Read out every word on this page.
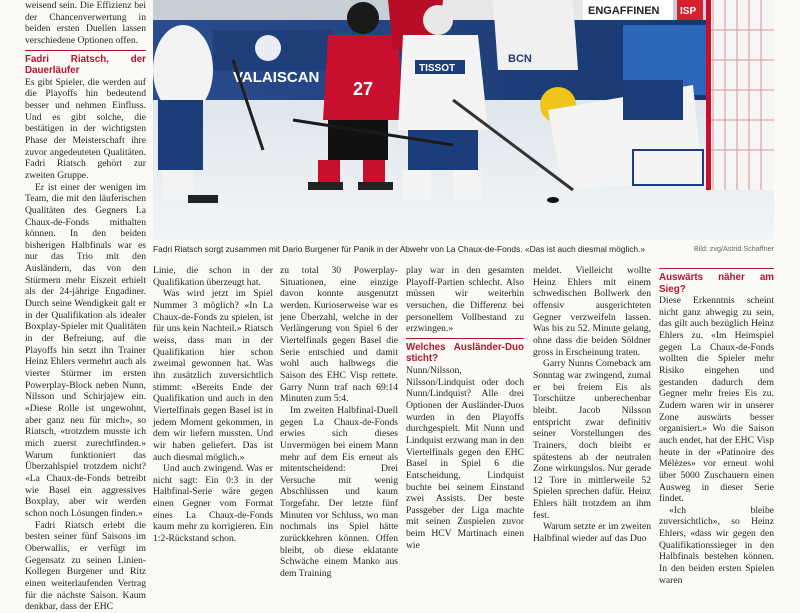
weisend sein. Die Effizienz bei der Chancenverwertung in beiden ersten Duellen lassen verschiedene Optionen offen.

Fadri Riatsch, der Dauerläufer

Es gibt Spieler, die werden auf die Playoffs hin bedeutend besser und nehmen Einfluss. Und es gibt solche, die bestätigen in der wichtigsten Phase der Meisterschaft ihre zuvor angedeuteten Qualitäten. Fadri Riatsch gehört zur zweiten Gruppe.

Er ist einer der wenigen im Team, die mit den läuferischen Qualitäten des Gegners La Chaux-de-Fonds mithalten können. In den beiden bisherigen Halbfinals war es nur das Trio mit den Ausländern, das von den Stürmern mehr Eiszeit erhielt als der 24-jährige Engadiner. Durch seine Wendigkeit galt er in der Qualifikation als idealer Boxplay-Spieler mit Qualitäten in der Befreiung, auf die Playoffs hin setzt ihn Trainer Heinz Ehlers vermehrt auch als vierter Stürmer im ersten Powerplay-Block neben Nunn, Nilsson und Schirjajew ein. «Diese Rolle ist ungewohnt, aber ganz neu für mich», so Riatsch, «trotzdem musste ich mich zuerst zurechtfinden.» Warum funktioniert das Überzahlspiel trotzdem nicht? «La Chaux-de-Fonds betreibt wie Basel ein aggressives Boxplay, aber wir werden schon noch Lösungen finden.»

Fadri Riatsch erlebt die besten seiner fünf Saisons im Oberwallis, er verfügt im Gegensatz zu seinen Linien-Kollegen Burgener und Ritz einen weiterlaufenden Vertrag für die nächste Saison. Kaum denkbar, dass der EHC

VALAISCAN
ENGAFFINEN ISP
27
TISSOT
BCN
Fadri Riatsch sorgt zusammen mit Dario Burgener für Panik in der Abwehr von La Chaux-de-Fonds. «Das ist auch diesmal möglich.»	Bild: zvg/Astrid Schaffner

Linie, die schon in der Qualifikation überzeugt hat.

Was wird jetzt im Spiel Nummer 3 möglich? «In La Chaux-de-Fonds zu spielen, ist für uns kein Nachteil.» Riatsch weiss, dass man in der Qualifikation hier schon zweimal gewonnen hat. Was ihn zusätzlich zuversichtlich stimmt: «Bereits Ende der Qualifikation und auch in den Viertelfinals gegen Basel ist in jedem Moment gekommen, in dem wir liefern mussten. Und wir haben geliefert. Das ist auch diesmal möglich.»

Und auch zwingend. Was er nicht sagt: Ein 0:3 in der Halbfinal-Serie wäre gegen einen Gegner vom Format eines La Chaux-de-Fonds kaum mehr zu korrigieren. Ein 1:2-Rückstand schon.

zu total 30 Powerplay-Situationen, eine einzige davon konnte ausgenutzt werden. Kurioserweise war es jene Überzahl, welche in der Verlängerung von Spiel 6 der Viertelfinals gegen Basel die Serie entschied und damit wohl auch halbwegs die Saison des EHC Visp rettete. Garry Nunn traf nach 69:14 Minuten zum 5:4.

Im zweiten Halbfinal-Duell gegen La Chaux-de-Fonds erwies sich dieses Unvermögen bei einem Mann mehr auf dem Eis erneut als mitentscheidend: Drei Versuche mit wenig Abschlüssen und kaum Torgefahr. Der letzte fünf Minuten vor Schluss, wo man nochmals ins Spiel hätte zurückkehren können. Offen bleibt, ob diese eklatante Schwäche einem Manko aus dem Training

play war in den gesamten Playoff-Partien schlecht. Also müssen wir weiterhin versuchen, die Differenz bei personellem Vollbestand zu erzwingen.»

Welches Ausländer-Duo sticht?

Nunn/Nilsson, Nilsson/Lindquist oder doch Nunn/Lindquist? Alle drei Optionen der Ausländer-Duos wurden in den Playoffs durchgespielt. Mit Nunn und Lindquist erzwang man in den Viertelfinals gegen den EHC Basel in Spiel 6 die Entscheidung, Lindquist buchte bei seinem Einstand zwei Assists. Der beste Passgeber der Liga machte mit seinen Zuspielen zuvor beim HCV Martinach einen wie

meldet. Vielleicht wollte Heinz Ehlers mit einem schwedischen Bollwerk den offensiv ausgerichteten Gegner verzweifeln lassen. Was bis zu 52. Minute gelang, ohne dass die beiden Söldner gross in Erscheinung traten.

Garry Nunns Comeback am Sonntag war zwingend, zumal er bei freiem Eis als Torschütze unberechenbar bleibt. Jacob Nilsson entspricht zwar definitiv seiner Vorstellungen des Trainers, doch bleibt er spätestens ab der neutralen Zone wirkungslos. Nur gerade 12 Tore in mittlerweile 52 Spielen sprechen dafür. Heinz Ehlers hält trotzdem an ihm fest.

Warum setzte er im zweiten Halbfinal wieder auf das Duo

Auswärts näher am Sieg?

Diese Erkenntnis scheint nicht ganz abwegig zu sein, das gilt auch bezüglich Heinz Ehlers zu. «Im Heimspiel gegen La Chaux-de-Fonds wollten die Spieler mehr Risiko eingehen und gestanden dadurch dem Gegner mehr freies Eis zu. Zudem waren wir in unserer Zone auswärts besser organisiert.» Wo die Saison auch endet, hat der EHC Visp heute in der «Patinoire des Mélèzes» vor erneut wohl über 5000 Zuschauern einen Ausweg in dieser Serie findet.

«Ich bleibe zuversichtlich», so Heinz Ehlers, «dass wir gegen den Qualifikationssieger in den Halbfinals bestehen können. In den beiden ersten Spielen waren
